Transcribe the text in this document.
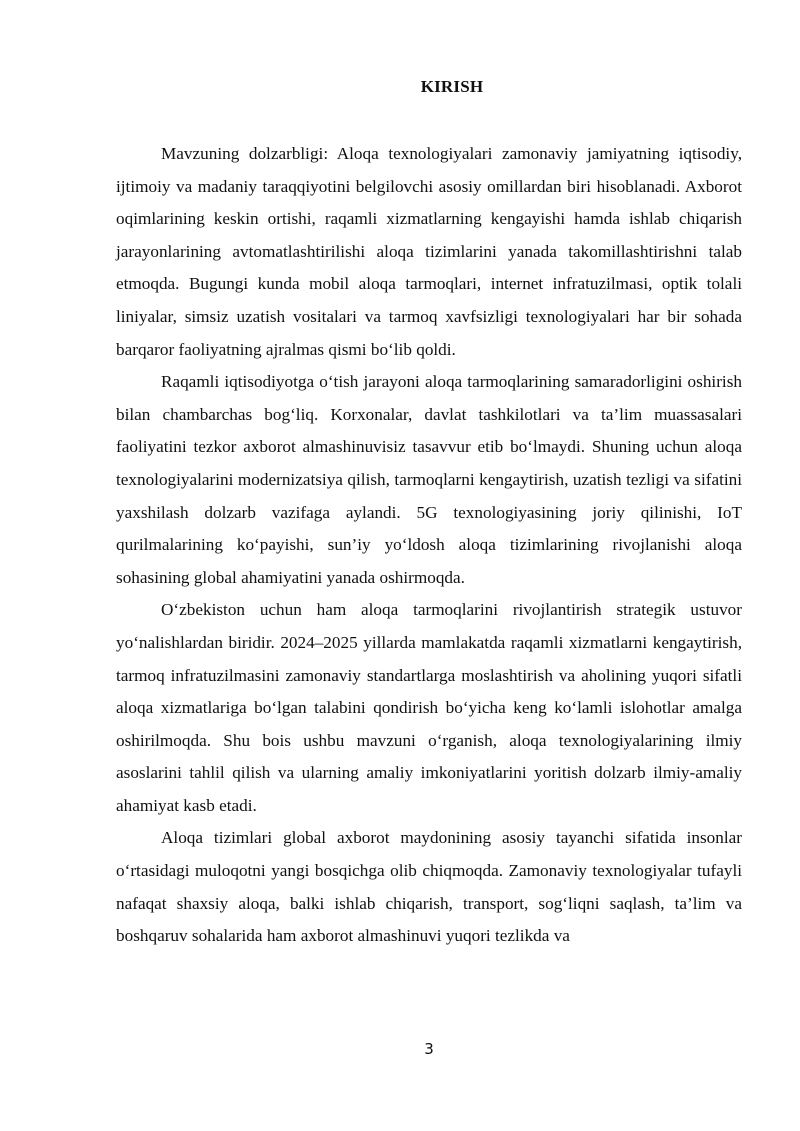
KIRISH

Mavzuning dolzarbligi: Aloqa texnologiyalari zamonaviy jamiyatning iqtisodiy, ijtimoiy va madaniy taraqqiyotini belgilovchi asosiy omillardan biri hisoblanadi. Axborot oqimlarining keskin ortishi, raqamli xizmatlarning kengayishi hamda ishlab chiqarish jarayonlarining avtomatlashtirilishi aloqa tizimlarini yanada takomillashtirishni talab etmoqda. Bugungi kunda mobil aloqa tarmoqlari, internet infratuzilmasi, optik tolali liniyalar, simsiz uzatish vositalari va tarmoq xavfsizligi texnologiyalari har bir sohada barqaror faoliyatning ajralmas qismi bo‘lib qoldi.

Raqamli iqtisodiyotga o‘tish jarayoni aloqa tarmoqlarining samaradorligini oshirish bilan chambarchas bog‘liq. Korxonalar, davlat tashkilotlari va ta’lim muassasalari faoliyatini tezkor axborot almashinuvisiz tasavvur etib bo‘lmaydi. Shuning uchun aloqa texnologiyalarini modernizatsiya qilish, tarmoqlarni kengaytirish, uzatish tezligi va sifatini yaxshilash dolzarb vazifaga aylandi. 5G texnologiyasining joriy qilinishi, IoT qurilmalarining ko‘payishi, sun’iy yo‘ldosh aloqa tizimlarining rivojlanishi aloqa sohasining global ahamiyatini yanada oshirmoqda.

O‘zbekiston uchun ham aloqa tarmoqlarini rivojlantirish strategik ustuvor yo‘nalishlardan biridir. 2024–2025 yillarda mamlakatda raqamli xizmatlarni kengaytirish, tarmoq infratuzilmasini zamonaviy standartlarga moslashtirish va aholining yuqori sifatli aloqa xizmatlariga bo‘lgan talabini qondirish bo‘yicha keng ko‘lamli islohotlar amalga oshirilmoqda. Shu bois ushbu mavzuni o‘rganish, aloqa texnologiyalarining ilmiy asoslarini tahlil qilish va ularning amaliy imkoniyatlarini yoritish dolzarb ilmiy-amaliy ahamiyat kasb etadi.

Aloqa tizimlari global axborot maydonining asosiy tayanchi sifatida insonlar o‘rtasidagi muloqotni yangi bosqichga olib chiqmoqda. Zamonaviy texnologiyalar tufayli nafaqat shaxsiy aloqa, balki ishlab chiqarish, transport, sog‘liqni saqlash, ta’lim va boshqaruv sohalarida ham axborot almashinuvi yuqori tezlikda va

3
